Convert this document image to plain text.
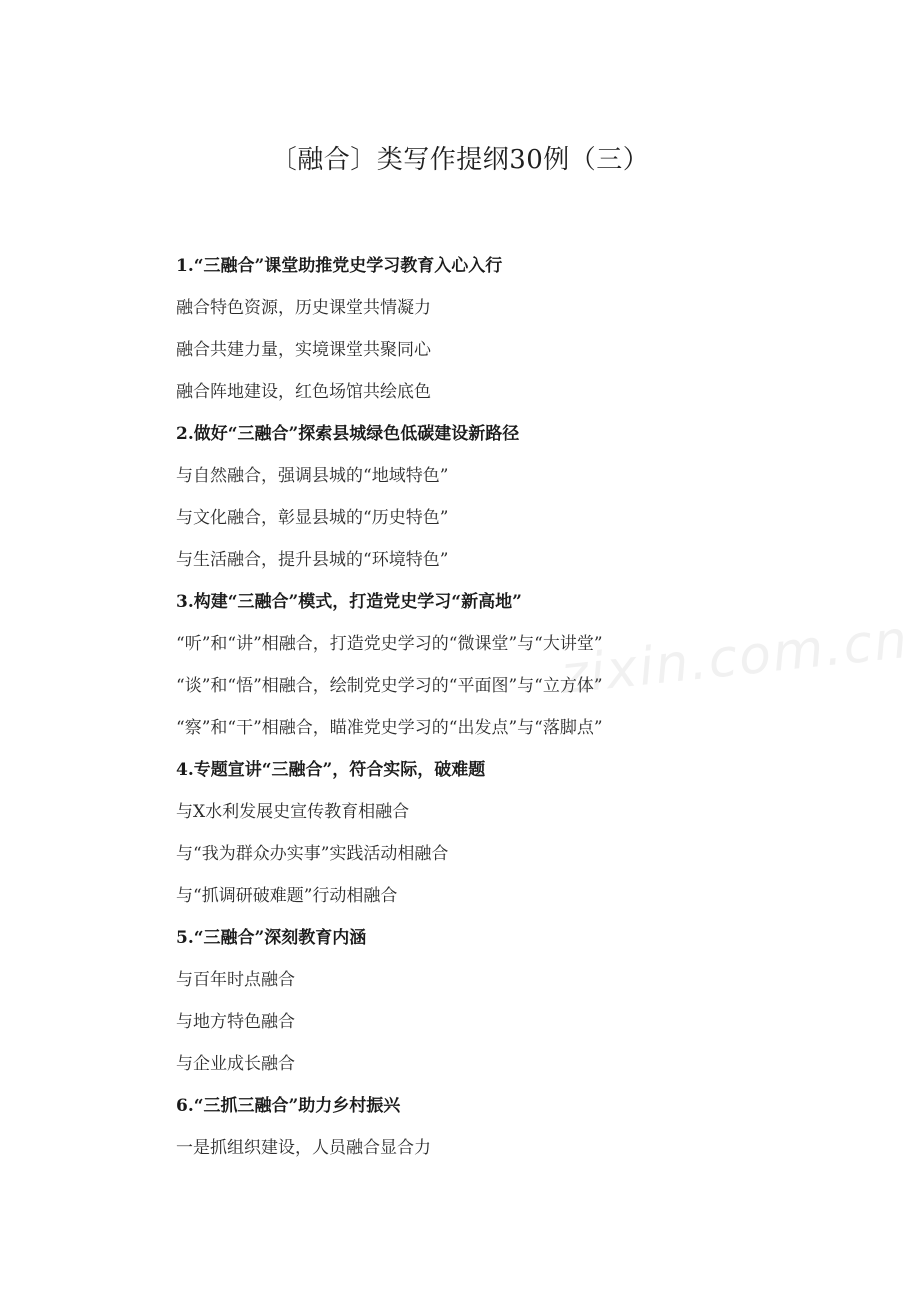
〔融合〕类写作提纲30例（三）
1.“三融合”课堂助推党史学习教育入心入行
融合特色资源，历史课堂共情凝力
融合共建力量，实境课堂共聚同心
融合阵地建设，红色场馆共绘底色
2.做好“三融合”探索县城绿色低碳建设新路径
与自然融合，强调县城的“地域特色”
与文化融合，彰显县城的“历史特色”
与生活融合，提升县城的“环境特色”
3.构建“三融合”模式，打造党史学习“新高地”
“听”和“讲”相融合，打造党史学习的“微课堂”与“大讲堂”
“谈”和“悟”相融合，绘制党史学习的“平面图”与“立方体”
“察”和“干”相融合，瞄准党史学习的“出发点”与“落脚点”
4.专题宣讲“三融合”，符合实际，破难题
与X水利发展史宣传教育相融合
与“我为群众办实事”实践活动相融合
与“抓调研破难题”行动相融合
5.“三融合”深刻教育内涵
与百年时点融合
与地方特色融合
与企业成长融合
6.“三抓三融合”助力乡村振兴
一是抓组织建设，人员融合显合力
zixin.com.cn
